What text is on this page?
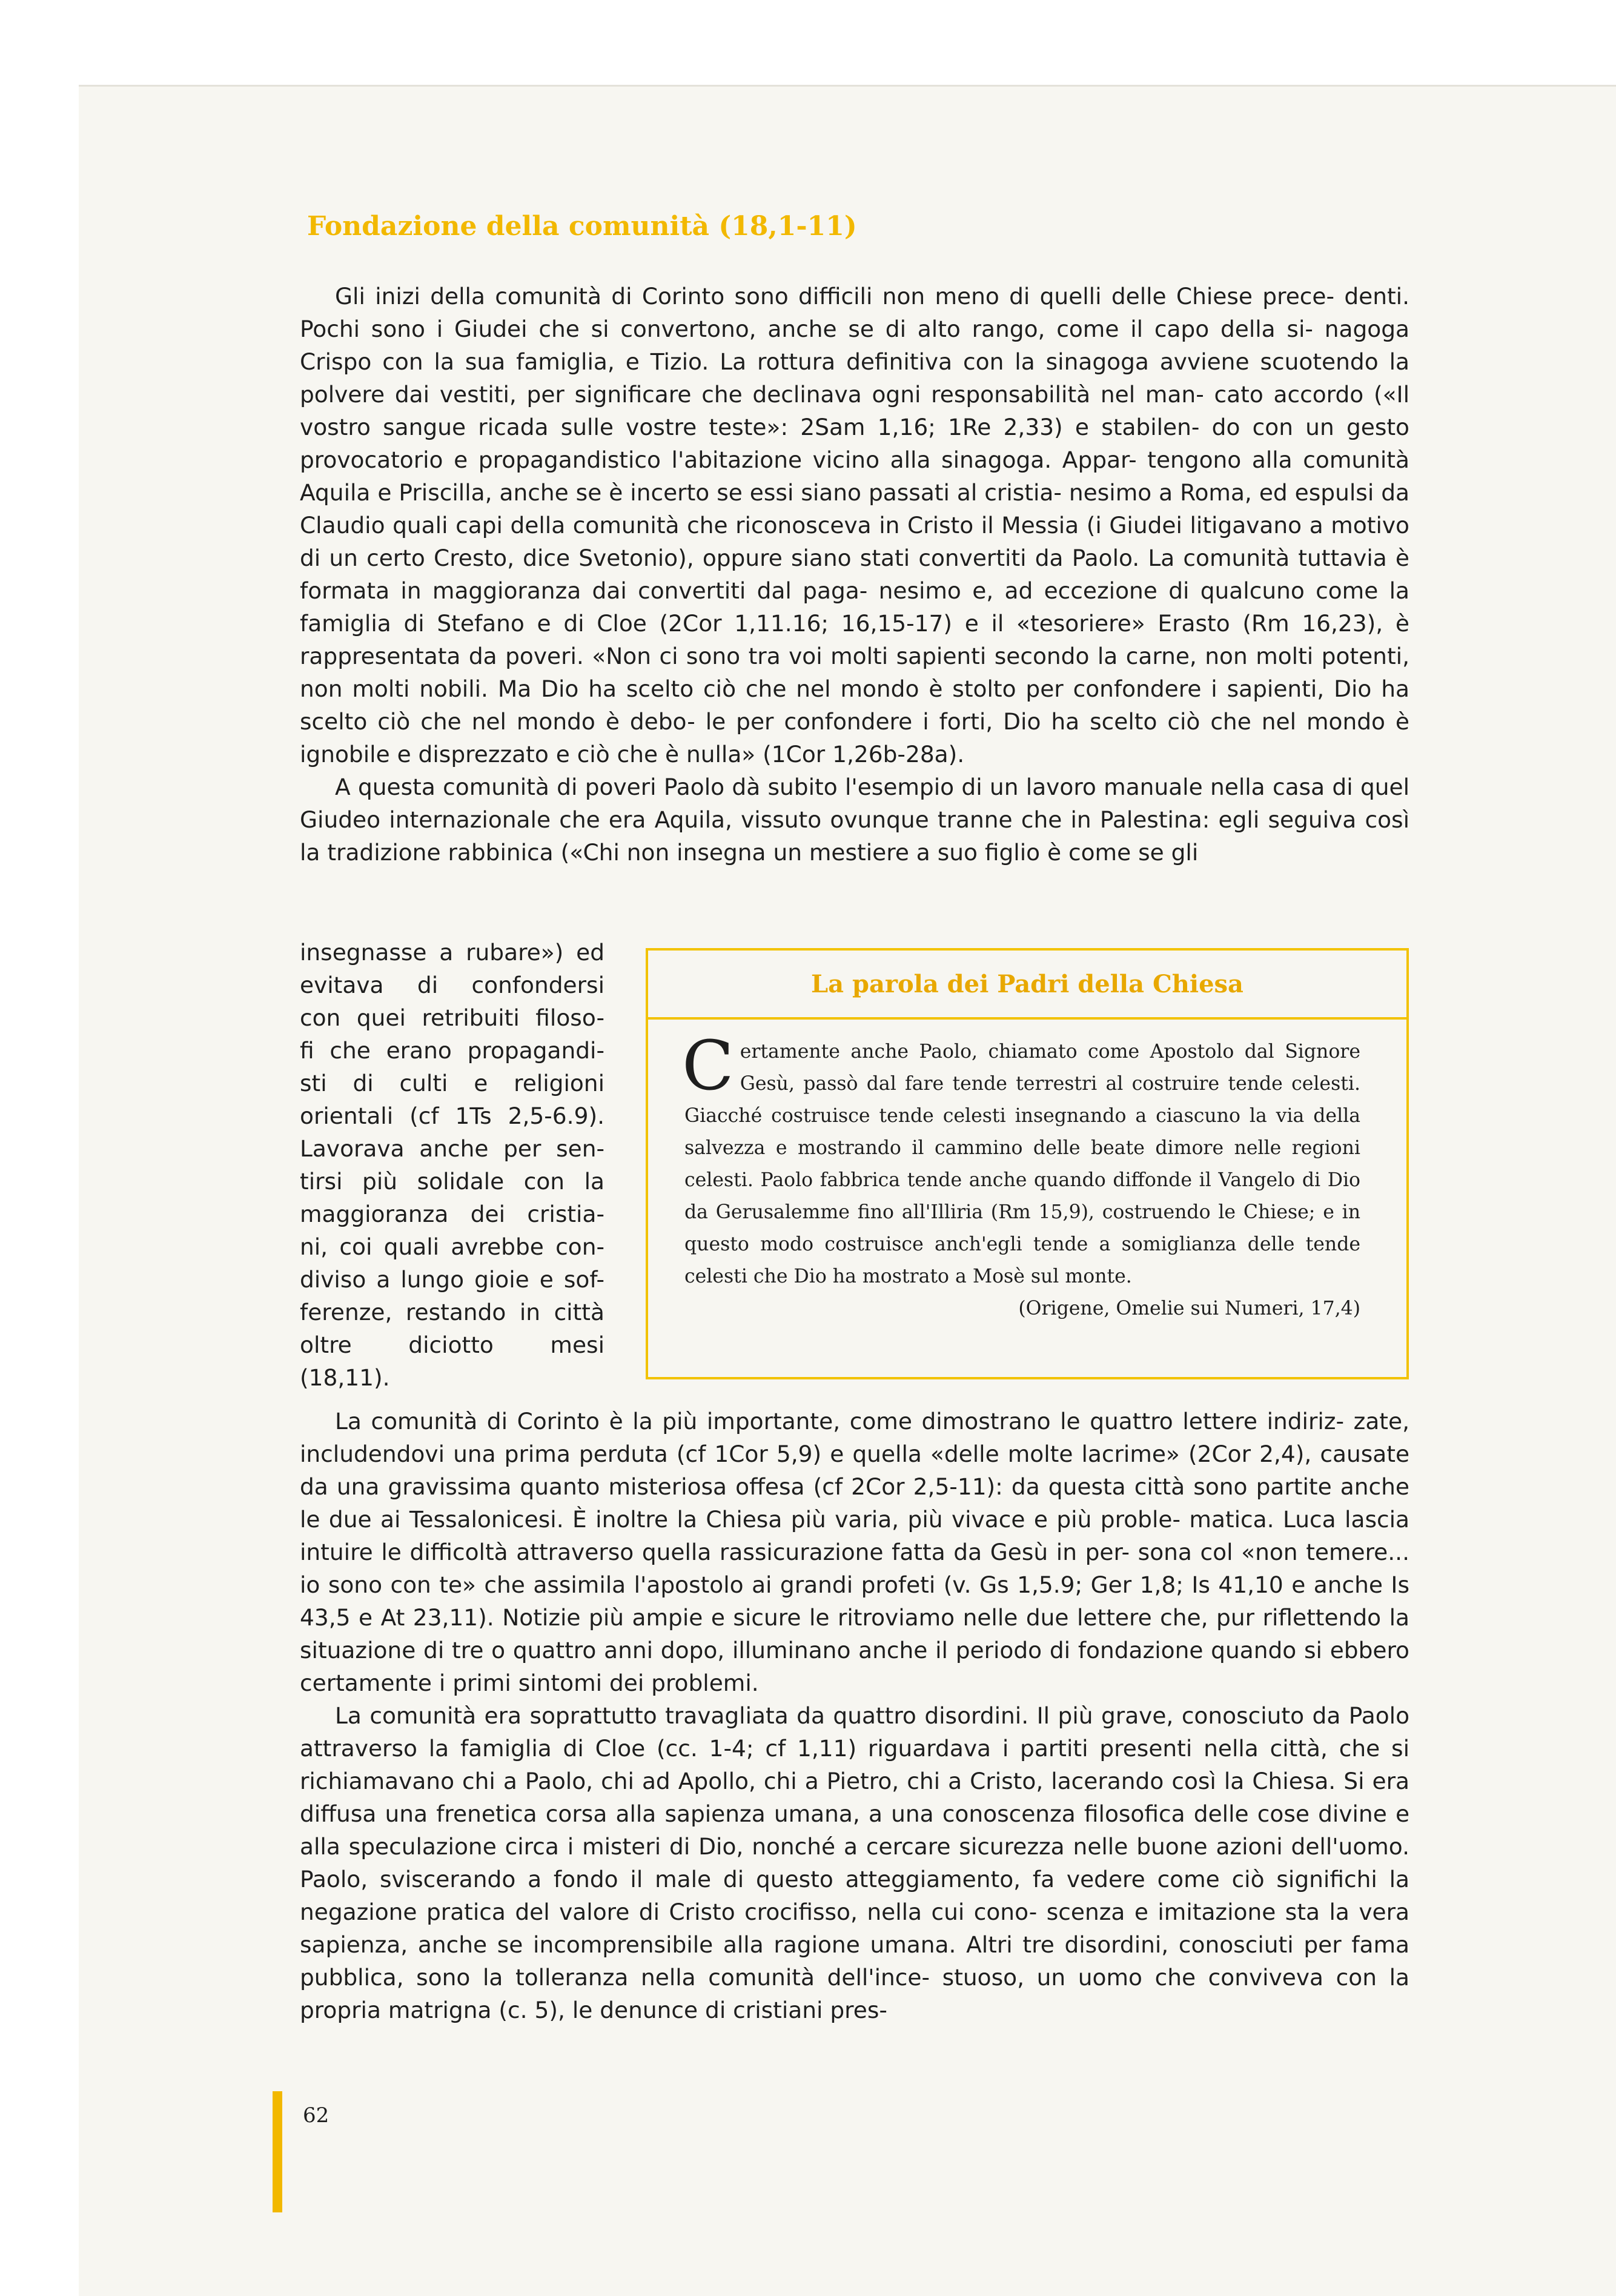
Fondazione della comunità (18,1-11)

Gli inizi della comunità di Corinto sono difficili non meno di quelli delle Chiese prece- denti. Pochi sono i Giudei che si convertono, anche se di alto rango, come il capo della si- nagoga Crispo con la sua famiglia, e Tizio. La rottura definitiva con la sinagoga avviene scuotendo la polvere dai vestiti, per significare che declinava ogni responsabilità nel man- cato accordo («Il vostro sangue ricada sulle vostre teste»: 2Sam 1,16; 1Re 2,33) e stabilen- do con un gesto provocatorio e propagandistico l'abitazione vicino alla sinagoga. Appar- tengono alla comunità Aquila e Priscilla, anche se è incerto se essi siano passati al cristia- nesimo a Roma, ed espulsi da Claudio quali capi della comunità che riconosceva in Cristo il Messia (i Giudei litigavano a motivo di un certo Cresto, dice Svetonio), oppure siano stati convertiti da Paolo. La comunità tuttavia è formata in maggioranza dai convertiti dal paga- nesimo e, ad eccezione di qualcuno come la famiglia di Stefano e di Cloe (2Cor 1,11.16; 16,15-17) e il «tesoriere» Erasto (Rm 16,23), è rappresentata da poveri. «Non ci sono tra voi molti sapienti secondo la carne, non molti potenti, non molti nobili. Ma Dio ha scelto ciò che nel mondo è stolto per confondere i sapienti, Dio ha scelto ciò che nel mondo è debo- le per confondere i forti, Dio ha scelto ciò che nel mondo è ignobile e disprezzato e ciò che è nulla» (1Cor 1,26b-28a).

A questa comunità di poveri Paolo dà subito l'esempio di un lavoro manuale nella casa di quel Giudeo internazionale che era Aquila, vissuto ovunque tranne che in Palestina: egli seguiva così la tradizione rabbinica («Chi non insegna un mestiere a suo figlio è come se gli

insegnasse a rubare») ed
evitava di confondersi
con quei retribuiti filoso-
fi che erano propagandi-
sti di culti e religioni
orientali (cf 1Ts 2,5-6.9).
Lavorava anche per sen-
tirsi più solidale con la
maggioranza dei cristia-
ni, coi quali avrebbe con-
diviso a lungo gioie e sof-
ferenze, restando in città
oltre diciotto mesi
(18,11).
La parola dei Padri della Chiesa
C ertamente anche Paolo, chiamato come Apostolo dal Signore Gesù, passò dal fare tende terrestri al costruire tende celesti. Giacché costruisce tende celesti insegnando a ciascuno la via della salvezza e mostrando il cammino delle beate dimore nelle regioni celesti. Paolo fabbrica tende anche quando diffonde il Vangelo di Dio da Gerusalemme fino all'Illiria (Rm 15,9), costruendo le Chiese; e in questo modo costruisce anch'egli tende a somiglianza delle tende celesti che Dio ha mostrato a Mosè sul monte.
(Origene, Omelie sui Numeri, 17,4)

La comunità di Corinto è la più importante, come dimostrano le quattro lettere indiriz- zate, includendovi una prima perduta (cf 1Cor 5,9) e quella «delle molte lacrime» (2Cor 2,4), causate da una gravissima quanto misteriosa offesa (cf 2Cor 2,5-11): da questa città sono partite anche le due ai Tessalonicesi. È inoltre la Chiesa più varia, più vivace e più proble- matica. Luca lascia intuire le difficoltà attraverso quella rassicurazione fatta da Gesù in per- sona col «non temere... io sono con te» che assimila l'apostolo ai grandi profeti (v. Gs 1,5.9; Ger 1,8; Is 41,10 e anche Is 43,5 e At 23,11). Notizie più ampie e sicure le ritroviamo nelle due lettere che, pur riflettendo la situazione di tre o quattro anni dopo, illuminano anche il periodo di fondazione quando si ebbero certamente i primi sintomi dei problemi.

La comunità era soprattutto travagliata da quattro disordini. Il più grave, conosciuto da Paolo attraverso la famiglia di Cloe (cc. 1-4; cf 1,11) riguardava i partiti presenti nella città, che si richiamavano chi a Paolo, chi ad Apollo, chi a Pietro, chi a Cristo, lacerando così la Chiesa. Si era diffusa una frenetica corsa alla sapienza umana, a una conoscenza filosofica delle cose divine e alla speculazione circa i misteri di Dio, nonché a cercare sicurezza nelle buone azioni dell'uomo. Paolo, sviscerando a fondo il male di questo atteggiamento, fa vedere come ciò significhi la negazione pratica del valore di Cristo crocifisso, nella cui cono- scenza e imitazione sta la vera sapienza, anche se incomprensibile alla ragione umana. Altri tre disordini, conosciuti per fama pubblica, sono la tolleranza nella comunità dell'ince- stuoso, un uomo che conviveva con la propria matrigna (c. 5), le denunce di cristiani pres-

62
